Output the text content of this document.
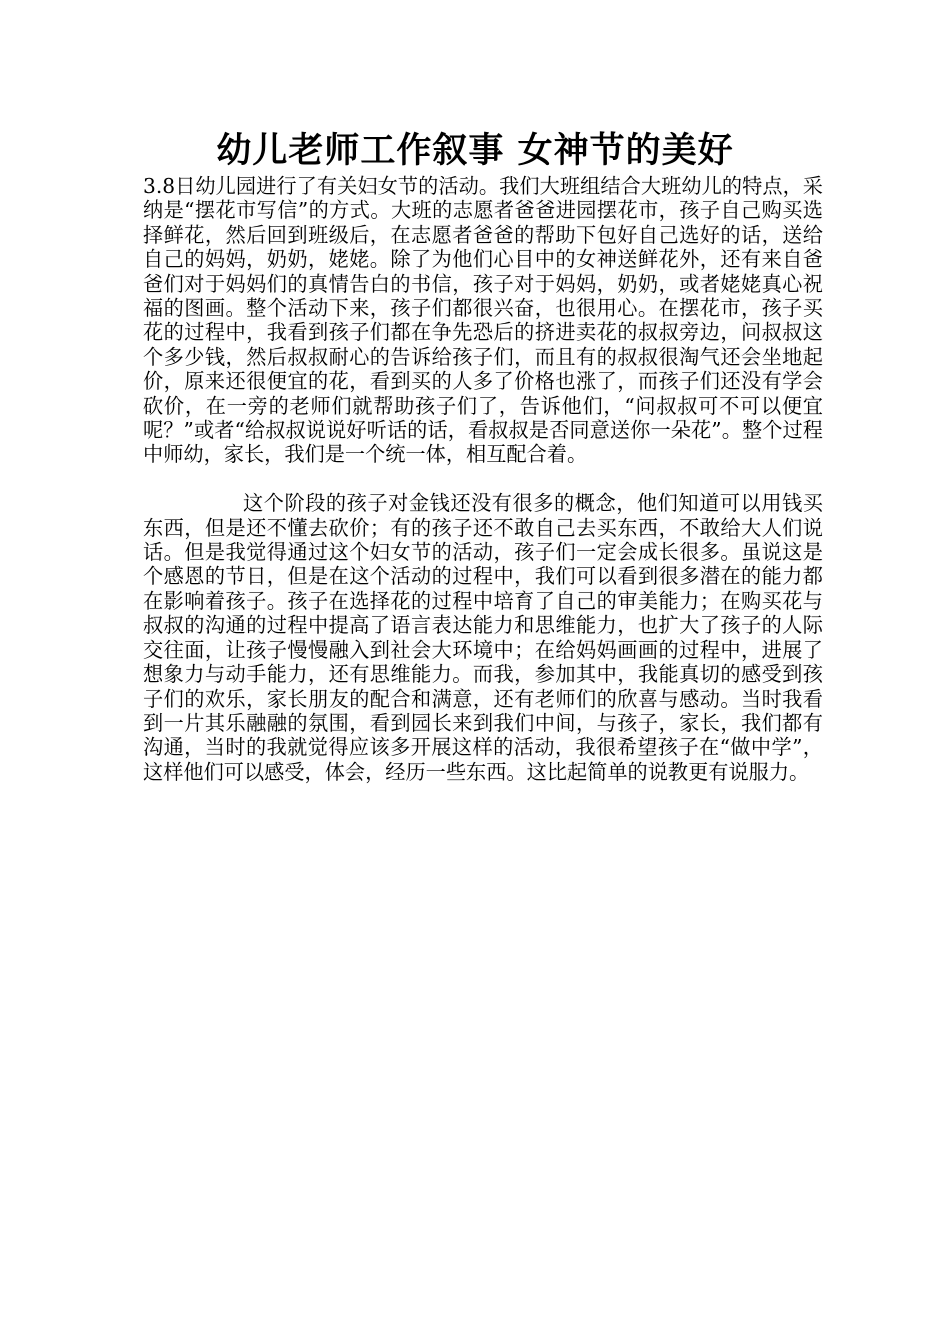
幼儿老师工作叙事 女神节的美好

3.8日幼儿园进行了有关妇女节的活动。我们大班组结合大班幼儿的特点，采纳是“摆花市写信”的方式。大班的志愿者爸爸进园摆花市，孩子自己购买选择鲜花，然后回到班级后，在志愿者爸爸的帮助下包好自己选好的话，送给自己的妈妈，奶奶，姥姥。除了为他们心目中的女神送鲜花外，还有来自爸爸们对于妈妈们的真情告白的书信，孩子对于妈妈，奶奶，或者姥姥真心祝福的图画。整个活动下来，孩子们都很兴奋，也很用心。在摆花市，孩子买花的过程中，我看到孩子们都在争先恐后的挤进卖花的叔叔旁边，问叔叔这个多少钱，然后叔叔耐心的告诉给孩子们，而且有的叔叔很淘气还会坐地起价，原来还很便宜的花，看到买的人多了价格也涨了，而孩子们还没有学会砍价，在一旁的老师们就帮助孩子们了，告诉他们，“问叔叔可不可以便宜呢？”或者“给叔叔说说好听话的话，看叔叔是否同意送你一朵花”。整个过程中师幼，家长，我们是一个统一体，相互配合着。

这个阶段的孩子对金钱还没有很多的概念，他们知道可以用钱买东西，但是还不懂去砍价；有的孩子还不敢自己去买东西，不敢给大人们说话。但是我觉得通过这个妇女节的活动，孩子们一定会成长很多。虽说这是个感恩的节日，但是在这个活动的过程中，我们可以看到很多潜在的能力都在影响着孩子。孩子在选择花的过程中培育了自己的审美能力；在购买花与叔叔的沟通的过程中提高了语言表达能力和思维能力，也扩大了孩子的人际交往面，让孩子慢慢融入到社会大环境中；在给妈妈画画的过程中，进展了想象力与动手能力，还有思维能力。而我，参加其中，我能真切的感受到孩子们的欢乐，家长朋友的配合和满意，还有老师们的欣喜与感动。当时我看到一片其乐融融的氛围，看到园长来到我们中间，与孩子，家长，我们都有沟通，当时的我就觉得应该多开展这样的活动，我很希望孩子在“做中学”，这样他们可以感受，体会，经历一些东西。这比起简单的说教更有说服力。
